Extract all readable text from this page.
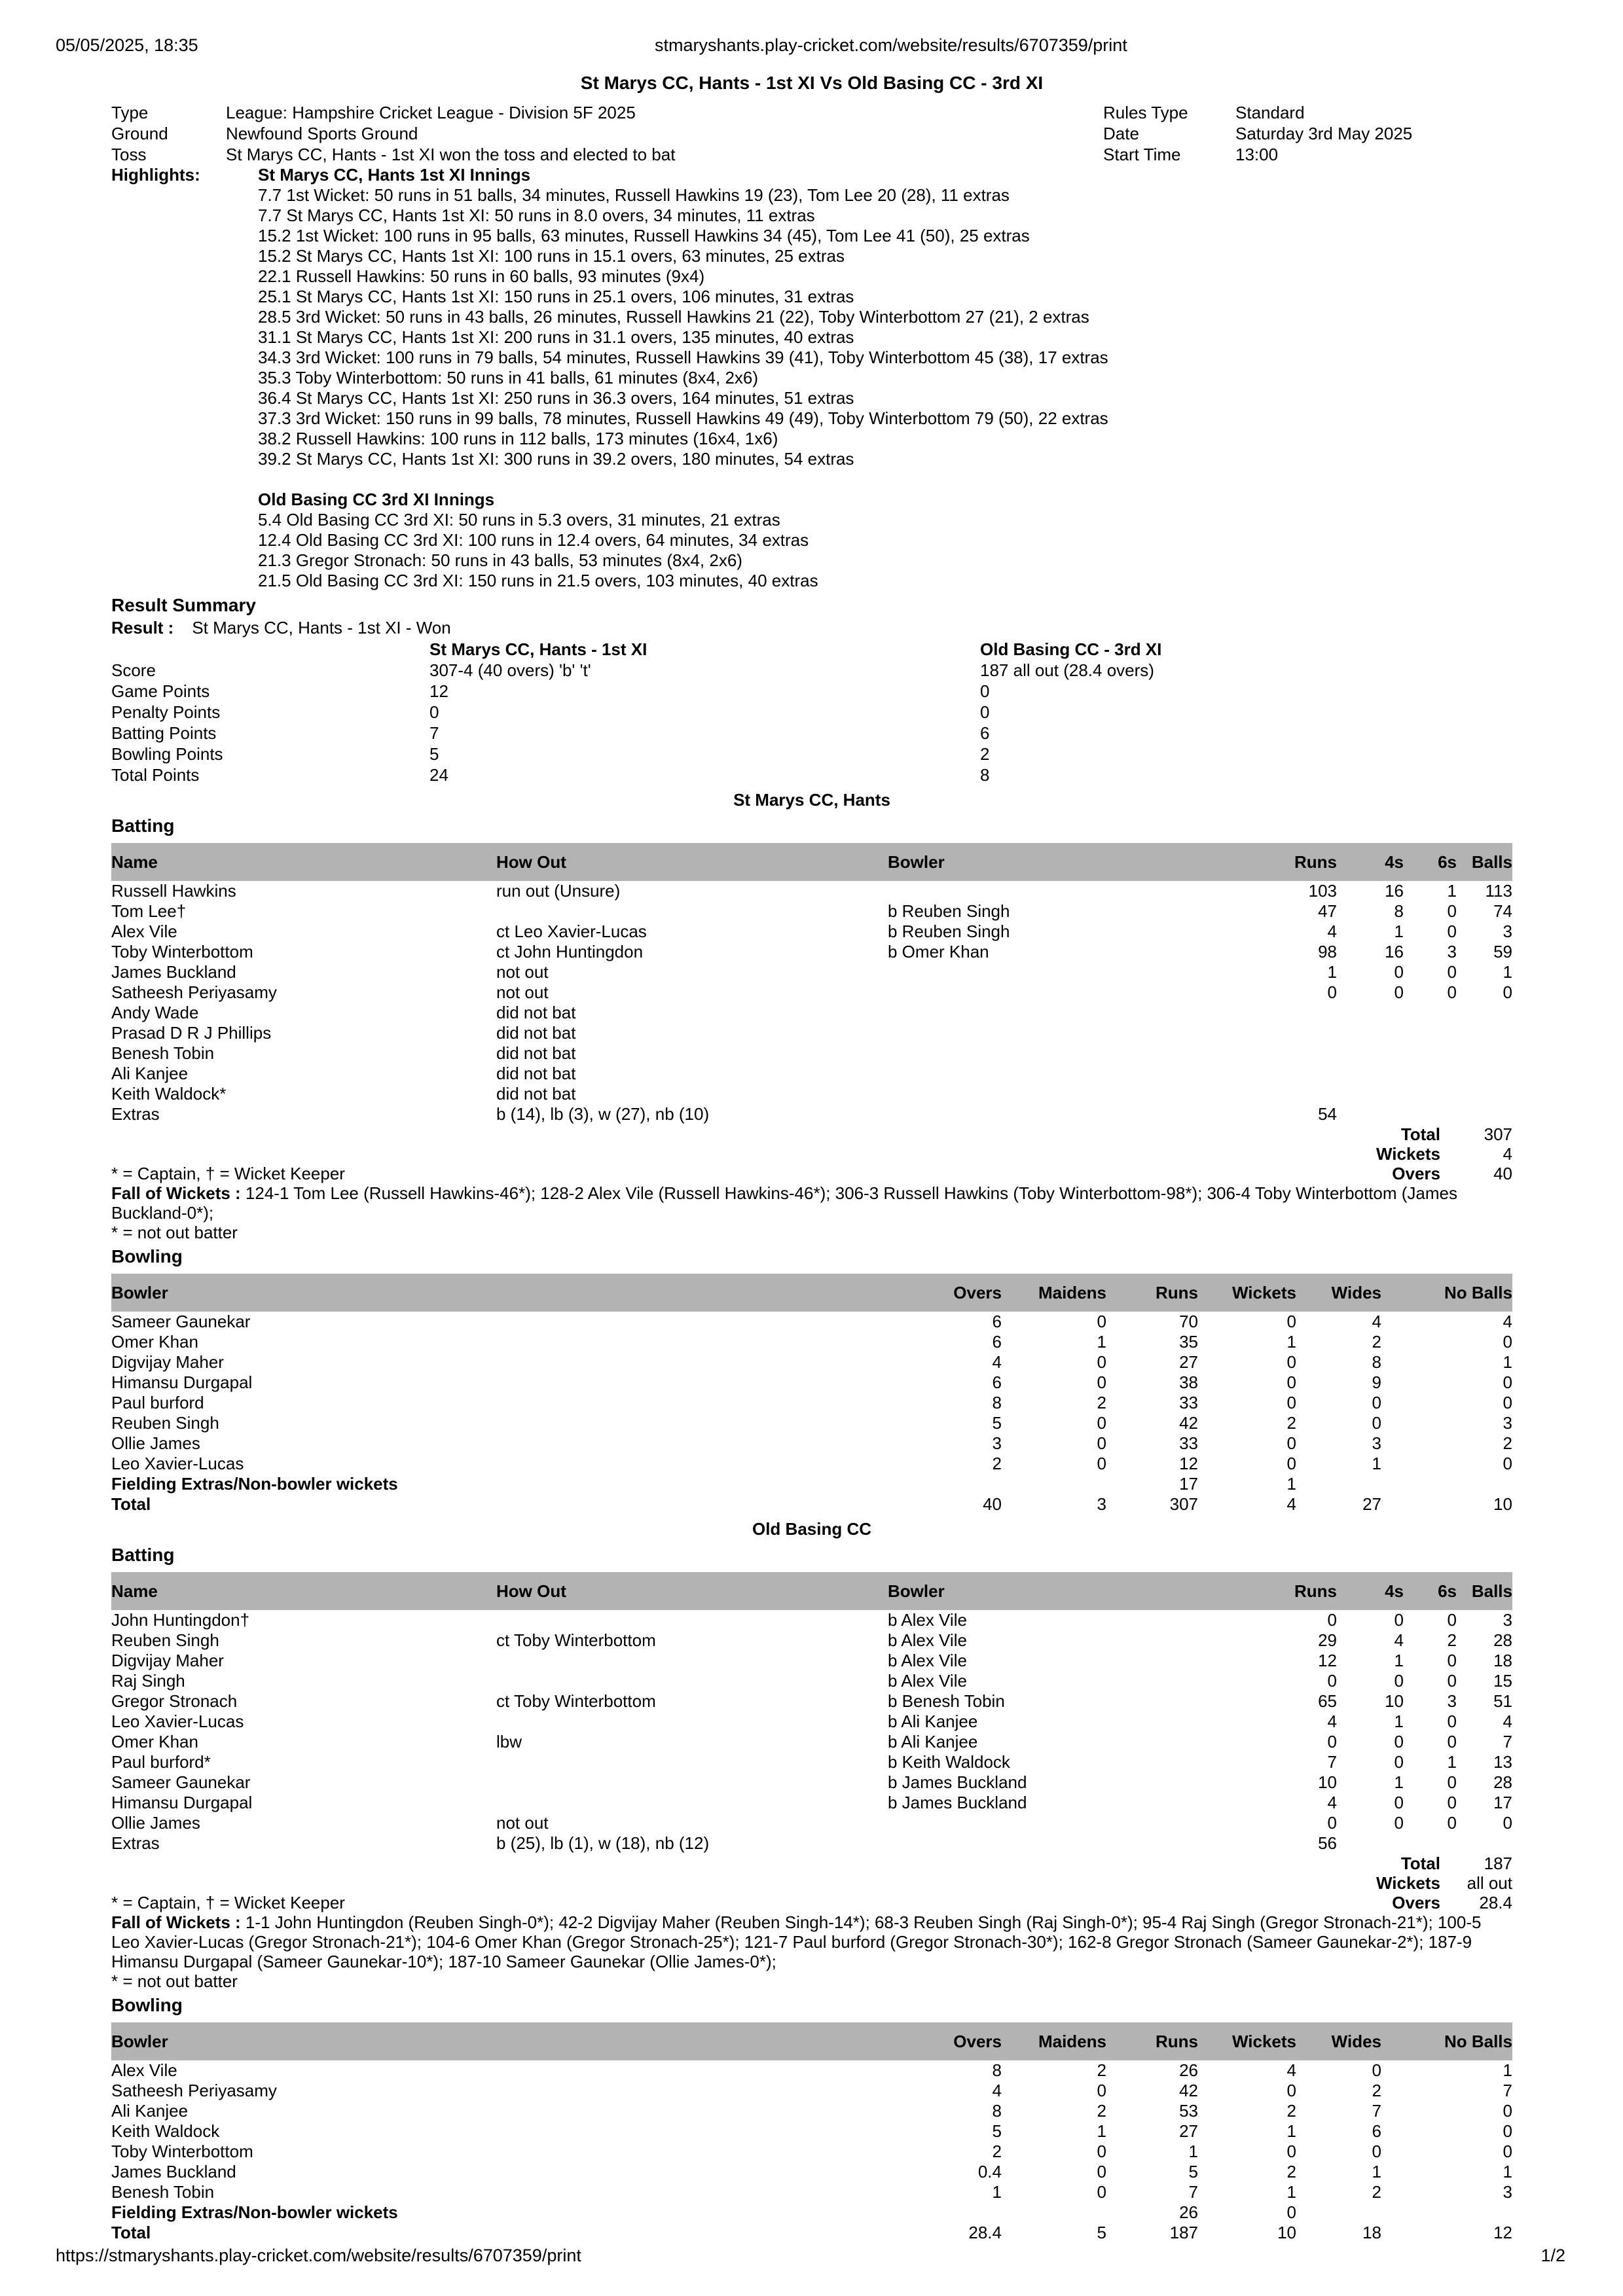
05/05/2025, 18:35	stmaryshants.play-cricket.com/website/results/6707359/print
St Marys CC, Hants - 1st XI Vs Old Basing CC - 3rd XI
Type	League: Hampshire Cricket League - Division 5F 2025	Rules Type	Standard
Ground	Newfound Sports Ground	Date	Saturday 3rd May 2025
Toss	St Marys CC, Hants - 1st XI won the toss and elected to bat	Start Time	13:00
Highlights:	St Marys CC, Hants 1st XI Innings
7.7 1st Wicket: 50 runs in 51 balls, 34 minutes, Russell Hawkins 19 (23), Tom Lee 20 (28), 11 extras
7.7 St Marys CC, Hants 1st XI: 50 runs in 8.0 overs, 34 minutes, 11 extras
15.2 1st Wicket: 100 runs in 95 balls, 63 minutes, Russell Hawkins 34 (45), Tom Lee 41 (50), 25 extras
15.2 St Marys CC, Hants 1st XI: 100 runs in 15.1 overs, 63 minutes, 25 extras
22.1 Russell Hawkins: 50 runs in 60 balls, 93 minutes (9x4)
25.1 St Marys CC, Hants 1st XI: 150 runs in 25.1 overs, 106 minutes, 31 extras
28.5 3rd Wicket: 50 runs in 43 balls, 26 minutes, Russell Hawkins 21 (22), Toby Winterbottom 27 (21), 2 extras
31.1 St Marys CC, Hants 1st XI: 200 runs in 31.1 overs, 135 minutes, 40 extras
34.3 3rd Wicket: 100 runs in 79 balls, 54 minutes, Russell Hawkins 39 (41), Toby Winterbottom 45 (38), 17 extras
35.3 Toby Winterbottom: 50 runs in 41 balls, 61 minutes (8x4, 2x6)
36.4 St Marys CC, Hants 1st XI: 250 runs in 36.3 overs, 164 minutes, 51 extras
37.3 3rd Wicket: 150 runs in 99 balls, 78 minutes, Russell Hawkins 49 (49), Toby Winterbottom 79 (50), 22 extras
38.2 Russell Hawkins: 100 runs in 112 balls, 173 minutes (16x4, 1x6)
39.2 St Marys CC, Hants 1st XI: 300 runs in 39.2 overs, 180 minutes, 54 extras
Old Basing CC 3rd XI Innings
5.4 Old Basing CC 3rd XI: 50 runs in 5.3 overs, 31 minutes, 21 extras
12.4 Old Basing CC 3rd XI: 100 runs in 12.4 overs, 64 minutes, 34 extras
21.3 Gregor Stronach: 50 runs in 43 balls, 53 minutes (8x4, 2x6)
21.5 Old Basing CC 3rd XI: 150 runs in 21.5 overs, 103 minutes, 40 extras
Result Summary
Result : St Marys CC, Hants - 1st XI - Won
St Marys CC, Hants - 1st XI	Old Basing CC - 3rd XI
Score	307-4 (40 overs) 'b' 't'	187 all out (28.4 overs)
Game Points	12	0
Penalty Points	0	0
Batting Points	7	6
Bowling Points	5	2
Total Points	24	8
St Marys CC, Hants
Batting
Name	How Out	Bowler	Runs	4s	6s	Balls
Russell Hawkins	run out (Unsure)		103	16	1	113
Tom Lee†		b Reuben Singh	47	8	0	74
Alex Vile	ct Leo Xavier-Lucas	b Reuben Singh	4	1	0	3
Toby Winterbottom	ct John Huntingdon	b Omer Khan	98	16	3	59
James Buckland	not out		1	0	0	1
Satheesh Periyasamy	not out		0	0	0	0
Andy Wade	did not bat					
Prasad D R J Phillips	did not bat					
Benesh Tobin	did not bat					
Ali Kanjee	did not bat					
Keith Waldock*	did not bat					
Extras	b (14), lb (3), w (27), nb (10)		54			
Total	307
Wickets	4
* = Captain, † = Wicket Keeper	Overs	40
Fall of Wickets : 124-1 Tom Lee (Russell Hawkins-46*); 128-2 Alex Vile (Russell Hawkins-46*); 306-3 Russell Hawkins (Toby Winterbottom-98*); 306-4 Toby Winterbottom (James Buckland-0*);
* = not out batter
Bowling
Bowler	Overs	Maidens	Runs	Wickets	Wides	No Balls
Sameer Gaunekar	6	0	70	0	4	4
Omer Khan	6	1	35	1	2	0
Digvijay Maher	4	0	27	0	8	1
Himansu Durgapal	6	0	38	0	9	0
Paul burford	8	2	33	0	0	0
Reuben Singh	5	0	42	2	0	3
Ollie James	3	0	33	0	3	2
Leo Xavier-Lucas	2	0	12	0	1	0
Fielding Extras/Non-bowler wickets			17	1		
Total	40	3	307	4	27	10
Old Basing CC
Batting
Name	How Out	Bowler	Runs	4s	6s	Balls
John Huntingdon†		b Alex Vile	0	0	0	3
Reuben Singh	ct Toby Winterbottom	b Alex Vile	29	4	2	28
Digvijay Maher		b Alex Vile	12	1	0	18
Raj Singh		b Alex Vile	0	0	0	15
Gregor Stronach	ct Toby Winterbottom	b Benesh Tobin	65	10	3	51
Leo Xavier-Lucas		b Ali Kanjee	4	1	0	4
Omer Khan	lbw	b Ali Kanjee	0	0	0	7
Paul burford*		b Keith Waldock	7	0	1	13
Sameer Gaunekar		b James Buckland	10	1	0	28
Himansu Durgapal		b James Buckland	4	0	0	17
Ollie James	not out		0	0	0	0
Extras	b (25), lb (1), w (18), nb (12)		56			
Total	187
Wickets	all out
* = Captain, † = Wicket Keeper	Overs	28.4
Fall of Wickets : 1-1 John Huntingdon (Reuben Singh-0*); 42-2 Digvijay Maher (Reuben Singh-14*); 68-3 Reuben Singh (Raj Singh-0*); 95-4 Raj Singh (Gregor Stronach-21*); 100-5 Leo Xavier-Lucas (Gregor Stronach-21*); 104-6 Omer Khan (Gregor Stronach-25*); 121-7 Paul burford (Gregor Stronach-30*); 162-8 Gregor Stronach (Sameer Gaunekar-2*); 187-9 Himansu Durgapal (Sameer Gaunekar-10*); 187-10 Sameer Gaunekar (Ollie James-0*);
* = not out batter
Bowling
Bowler	Overs	Maidens	Runs	Wickets	Wides	No Balls
Alex Vile	8	2	26	4	0	1
Satheesh Periyasamy	4	0	42	0	2	7
Ali Kanjee	8	2	53	2	7	0
Keith Waldock	5	1	27	1	6	0
Toby Winterbottom	2	0	1	0	0	0
James Buckland	0.4	0	5	2	1	1
Benesh Tobin	1	0	7	1	2	3
Fielding Extras/Non-bowler wickets			26	0		
Total	28.4	5	187	10	18	12
https://stmaryshants.play-cricket.com/website/results/6707359/print	1/2
